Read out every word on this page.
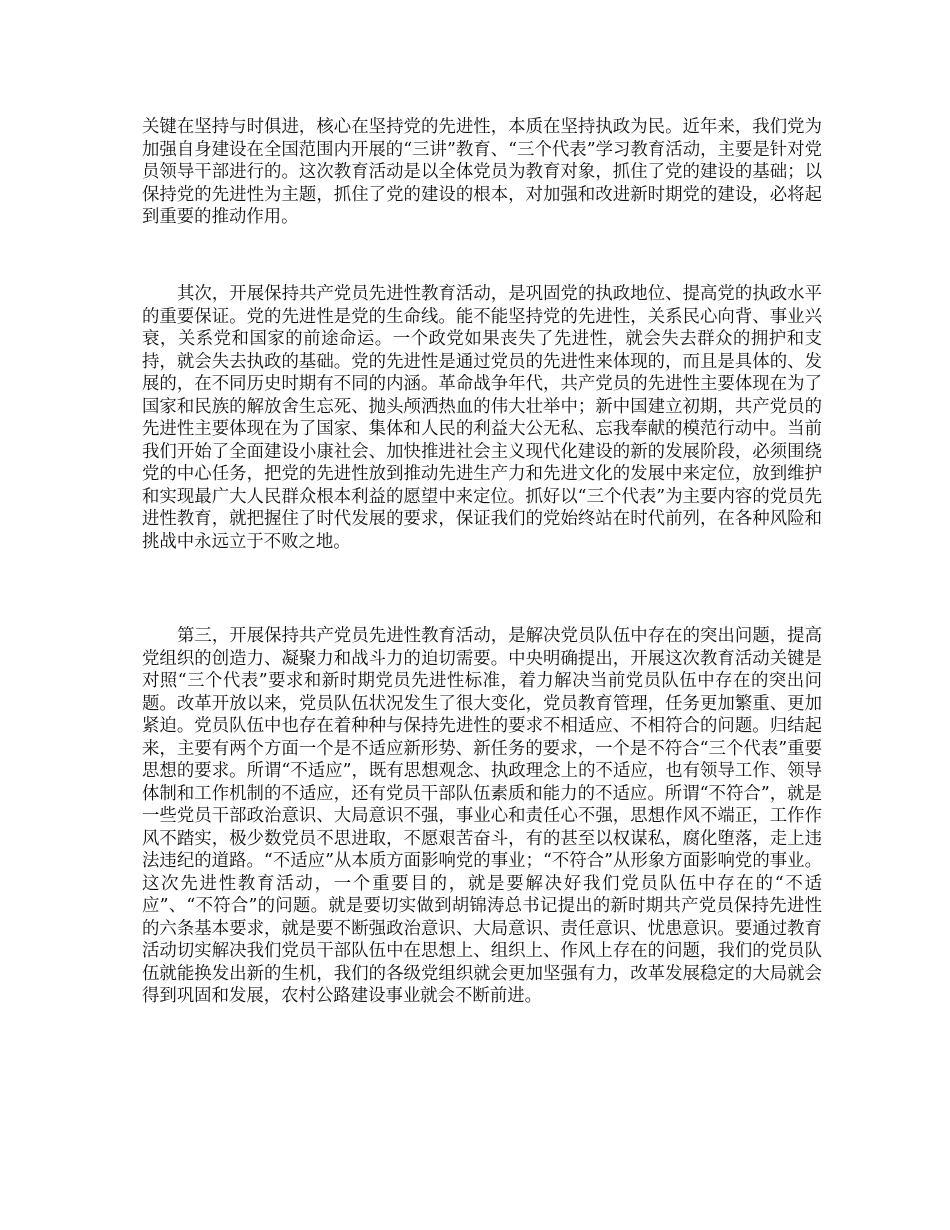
关键在坚持与时俱进，核心在坚持党的先进性，本质在坚持执政为民。近年来，我们党为加强自身建设在全国范围内开展的“三讲”教育、“三个代表”学习教育活动，主要是针对党员领导干部进行的。这次教育活动是以全体党员为教育对象，抓住了党的建设的基础；以保持党的先进性为主题，抓住了党的建设的根本，对加强和改进新时期党的建设，必将起到重要的推动作用。

其次，开展保持共产党员先进性教育活动，是巩固党的执政地位、提高党的执政水平的重要保证。党的先进性是党的生命线。能不能坚持党的先进性，关系民心向背、事业兴衰，关系党和国家的前途命运。一个政党如果丧失了先进性，就会失去群众的拥护和支持，就会失去执政的基础。党的先进性是通过党员的先进性来体现的，而且是具体的、发展的，在不同历史时期有不同的内涵。革命战争年代，共产党员的先进性主要体现在为了国家和民族的解放舍生忘死、抛头颅洒热血的伟大壮举中；新中国建立初期，共产党员的先进性主要体现在为了国家、集体和人民的利益大公无私、忘我奉献的模范行动中。当前我们开始了全面建设小康社会、加快推进社会主义现代化建设的新的发展阶段，必须围绕党的中心任务，把党的先进性放到推动先进生产力和先进文化的发展中来定位，放到维护和实现最广大人民群众根本利益的愿望中来定位。抓好以“三个代表”为主要内容的党员先进性教育，就把握住了时代发展的要求，保证我们的党始终站在时代前列，在各种风险和挑战中永远立于不败之地。

第三，开展保持共产党员先进性教育活动，是解决党员队伍中存在的突出问题，提高党组织的创造力、凝聚力和战斗力的迫切需要。中央明确提出，开展这次教育活动关键是对照“三个代表”要求和新时期党员先进性标准，着力解决当前党员队伍中存在的突出问题。改革开放以来，党员队伍状况发生了很大变化，党员教育管理，任务更加繁重、更加紧迫。党员队伍中也存在着种种与保持先进性的要求不相适应、不相符合的问题。归结起来，主要有两个方面一个是不适应新形势、新任务的要求，一个是不符合“三个代表”重要思想的要求。所谓“不适应”，既有思想观念、执政理念上的不适应，也有领导工作、领导体制和工作机制的不适应，还有党员干部队伍素质和能力的不适应。所谓“不符合”，就是一些党员干部政治意识、大局意识不强，事业心和责任心不强，思想作风不端正，工作作风不踏实，极少数党员不思进取，不愿艰苦奋斗，有的甚至以权谋私，腐化堕落，走上违法违纪的道路。“不适应”从本质方面影响党的事业；“不符合”从形象方面影响党的事业。这次先进性教育活动，一个重要目的，就是要解决好我们党员队伍中存在的“不适应”、“不符合”的问题。就是要切实做到胡锦涛总书记提出的新时期共产党员保持先进性的六条基本要求，就是要不断强政治意识、大局意识、责任意识、忧患意识。要通过教育活动切实解决我们党员干部队伍中在思想上、组织上、作风上存在的问题，我们的党员队伍就能换发出新的生机，我们的各级党组织就会更加坚强有力，改革发展稳定的大局就会得到巩固和发展，农村公路建设事业就会不断前进。
